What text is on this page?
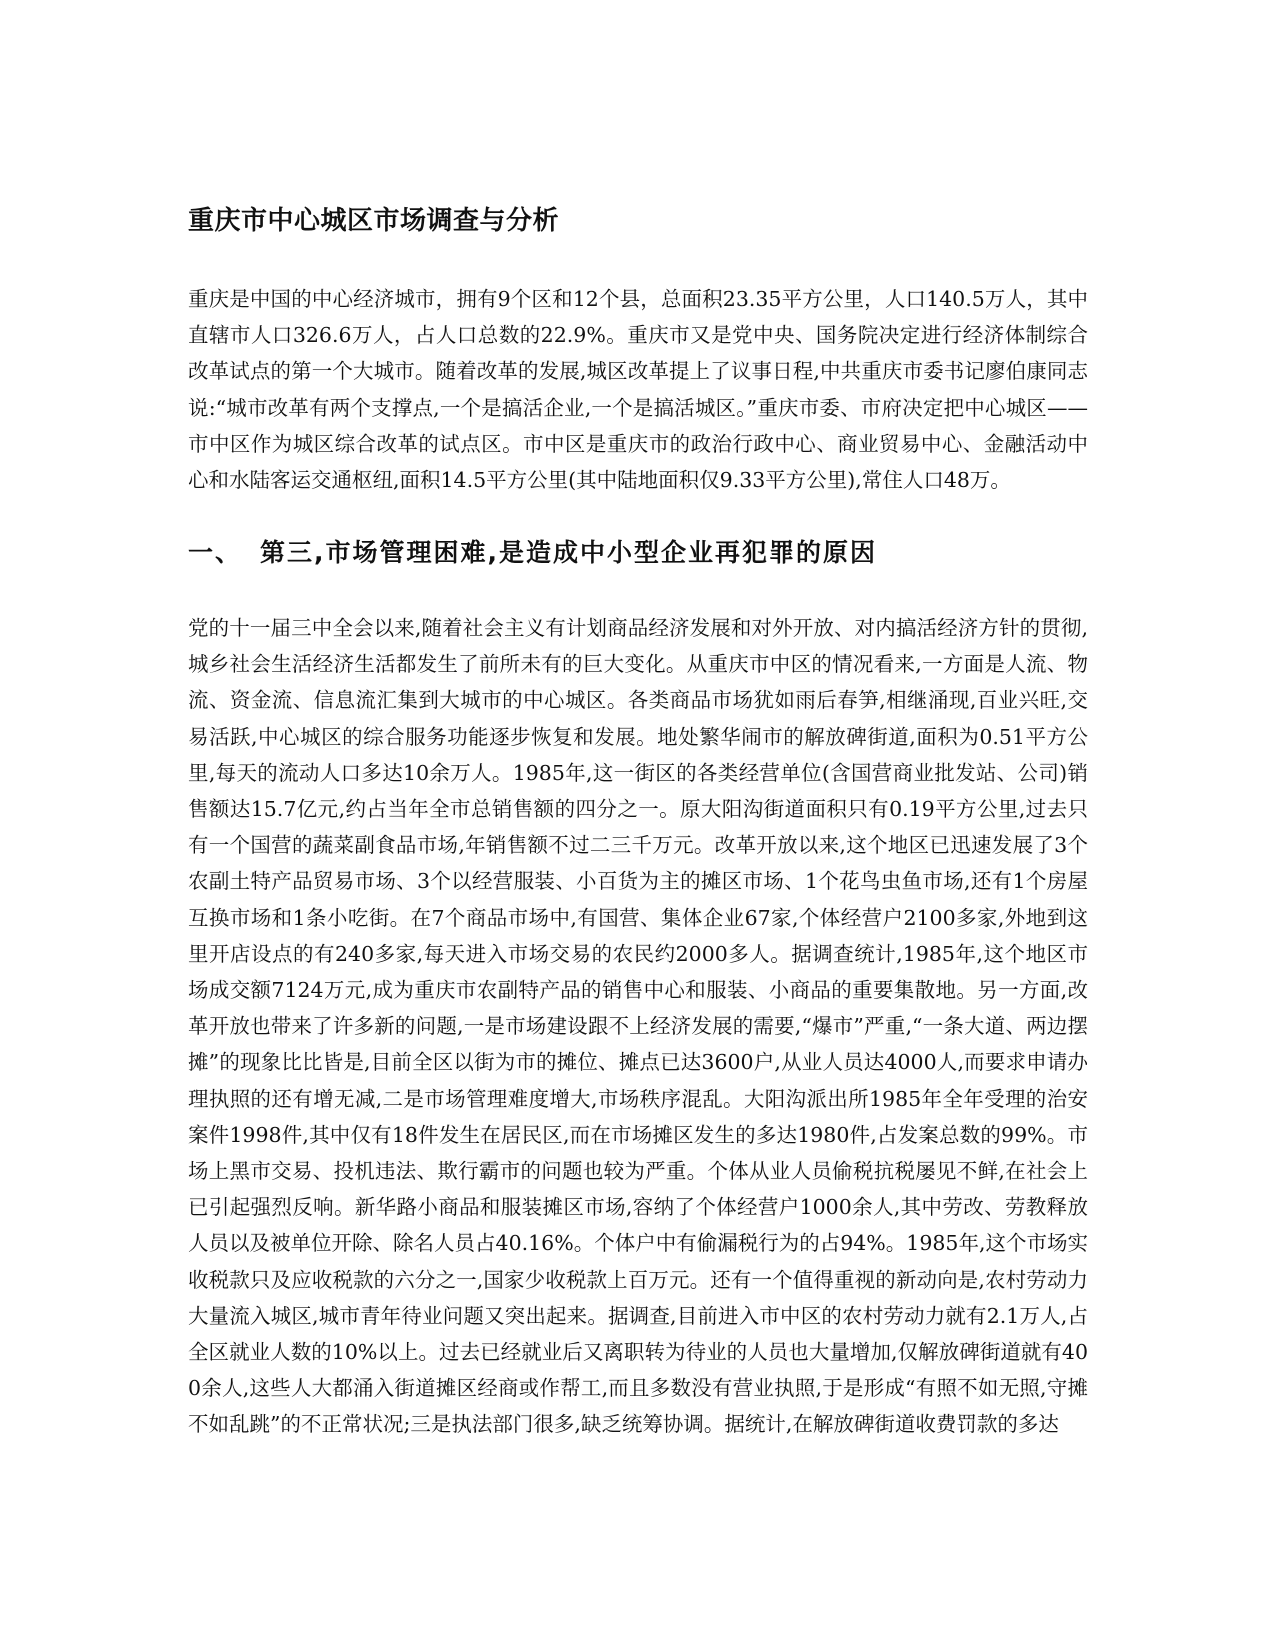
重庆市中心城区市场调查与分析

重庆是中国的中心经济城市，拥有9个区和12个县，总面积23.35平方公里，人口140.5万人，其中直辖市人口326.6万人，占人口总数的22.9%。重庆市又是党中央、国务院决定进行经济体制综合改革试点的第一个大城市。随着改革的发展,城区改革提上了议事日程,中共重庆市委书记廖伯康同志说:“城市改革有两个支撑点,一个是搞活企业,一个是搞活城区。”重庆市委、市府决定把中心城区——市中区作为城区综合改革的试点区。市中区是重庆市的政治行政中心、商业贸易中心、金融活动中心和水陆客运交通枢纽,面积14.5平方公里(其中陆地面积仅9.33平方公里),常住人口48万。

一、 第三,市场管理困难,是造成中小型企业再犯罪的原因

党的十一届三中全会以来,随着社会主义有计划商品经济发展和对外开放、对内搞活经济方针的贯彻,城乡社会生活经济生活都发生了前所未有的巨大变化。从重庆市中区的情况看来,一方面是人流、物流、资金流、信息流汇集到大城市的中心城区。各类商品市场犹如雨后春笋,相继涌现,百业兴旺,交易活跃,中心城区的综合服务功能逐步恢复和发展。地处繁华闹市的解放碑街道,面积为0.51平方公里,每天的流动人口多达10余万人。1985年,这一街区的各类经营单位(含国营商业批发站、公司)销售额达15.7亿元,约占当年全市总销售额的四分之一。原大阳沟街道面积只有0.19平方公里,过去只有一个国营的蔬菜副食品市场,年销售额不过二三千万元。改革开放以来,这个地区已迅速发展了3个农副土特产品贸易市场、3个以经营服装、小百货为主的摊区市场、1个花鸟虫鱼市场,还有1个房屋互换市场和1条小吃街。在7个商品市场中,有国营、集体企业67家,个体经营户2100多家,外地到这里开店设点的有240多家,每天进入市场交易的农民约2000多人。据调查统计,1985年,这个地区市场成交额7124万元,成为重庆市农副特产品的销售中心和服装、小商品的重要集散地。另一方面,改革开放也带来了许多新的问题,一是市场建设跟不上经济发展的需要,“爆市”严重,“一条大道、两边摆摊”的现象比比皆是,目前全区以街为市的摊位、摊点已达3600户,从业人员达4000人,而要求申请办理执照的还有增无减,二是市场管理难度增大,市场秩序混乱。大阳沟派出所1985年全年受理的治安案件1998件,其中仅有18件发生在居民区,而在市场摊区发生的多达1980件,占发案总数的99%。市场上黑市交易、投机违法、欺行霸市的问题也较为严重。个体从业人员偷税抗税屡见不鲜,在社会上已引起强烈反响。新华路小商品和服装摊区市场,容纳了个体经营户1000余人,其中劳改、劳教释放人员以及被单位开除、除名人员占40.16%。个体户中有偷漏税行为的占94%。1985年,这个市场实收税款只及应收税款的六分之一,国家少收税款上百万元。还有一个值得重视的新动向是,农村劳动力大量流入城区,城市青年待业问题又突出起来。据调查,目前进入市中区的农村劳动力就有2.1万人,占全区就业人数的10%以上。过去已经就业后又离职转为待业的人员也大量增加,仅解放碑街道就有400余人,这些人大都涌入街道摊区经商或作帮工,而且多数没有营业执照,于是形成“有照不如无照,守摊不如乱跳”的不正常状况;三是执法部门很多,缺乏统筹协调。据统计,在解放碑街道收费罚款的多达
